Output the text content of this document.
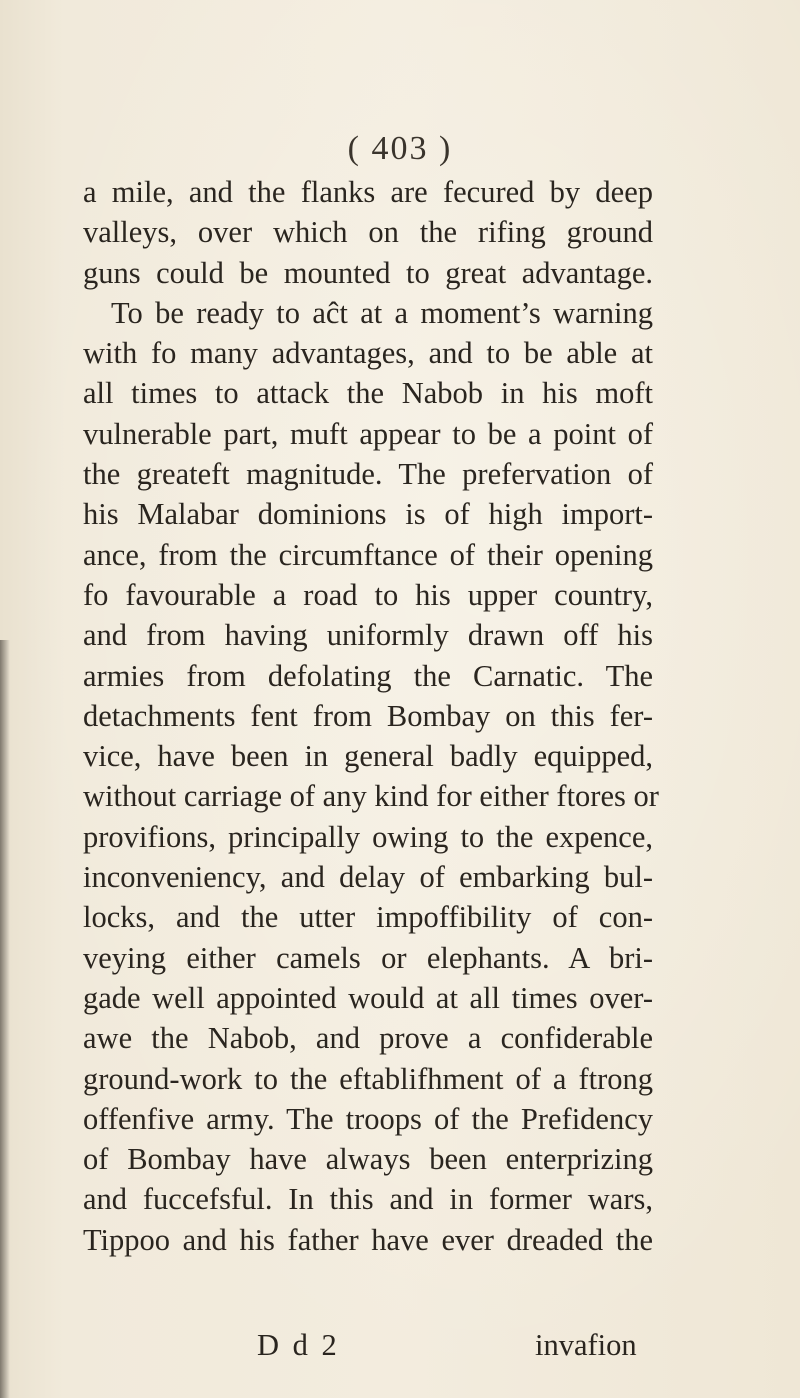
( 403 )
a mile, and the flanks are fecured by deep
valleys, over which on the rifing ground
guns could be mounted to great advantage.
To be ready to aĉt at a moment’s warning
with fo many advantages, and to be able at
all times to attack the Nabob in his moft
vulnerable part, muft appear to be a point of
the greateft magnitude. The prefervation of
his Malabar dominions is of high import-
ance, from the circumftance of their opening
fo favourable a road to his upper country,
and from having uniformly drawn off his
armies from defolating the Carnatic. The
detachments fent from Bombay on this fer-
vice, have been in general badly equipped,
without carriage of any kind for either ftores or
provifions, principally owing to the expence,
inconveniency, and delay of embarking bul-
locks, and the utter impoffibility of con-
veying either camels or elephants. A bri-
gade well appointed would at all times over-
awe the Nabob, and prove a confiderable
ground-work to the eftablifhment of a ftrong
offenfive army. The troops of the Prefidency
of Bombay have always been enterprizing
and fuccefsful. In this and in former wars,
Tippoo and his father have ever dreaded the
D d 2	invafion
